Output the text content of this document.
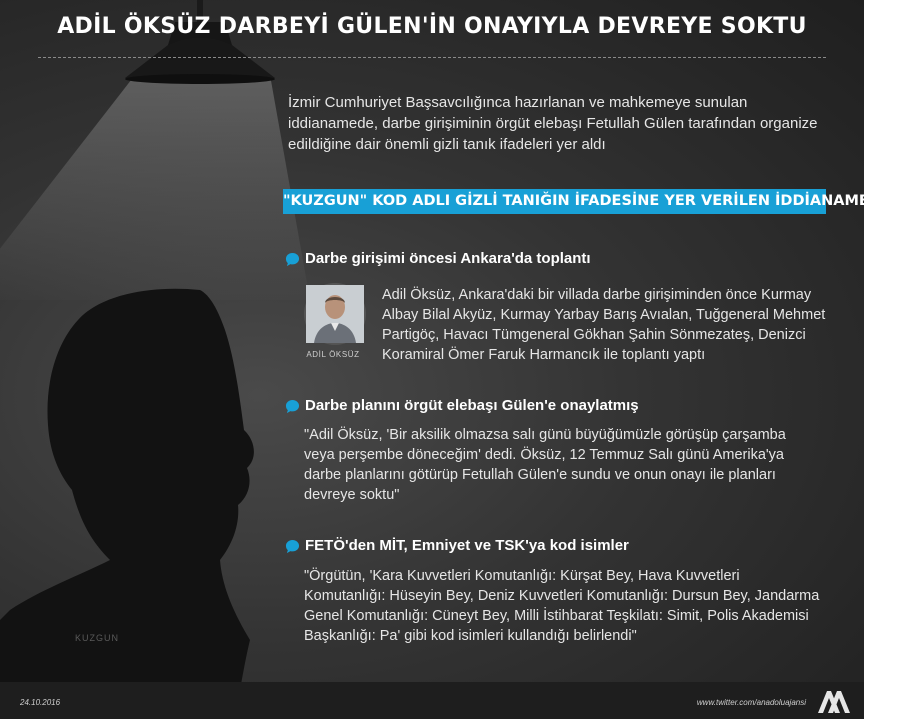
ADİL ÖKSÜZ DARBEYİ GÜLEN'İN ONAYIYLA DEVREYE SOKTU
İzmir Cumhuriyet Başsavcılığınca hazırlanan ve mahkemeye sunulan iddianamede, darbe girişiminin örgüt elebaşı Fetullah Gülen tarafından organize edildiğine dair önemli gizli tanık ifadeleri yer aldı
"KUZGUN" KOD ADLI GİZLİ TANIĞIN İFADESİNE YER VERİLEN İDDİANAMEDEN:
Darbe girişimi öncesi Ankara'da toplantı
ADİL ÖKSÜZ
Adil Öksüz, Ankara'daki bir villada darbe girişiminden önce Kurmay Albay Bilal Akyüz, Kurmay Yarbay Barış Avıalan, Tuğgeneral Mehmet Partigöç, Havacı Tümgeneral Gökhan Şahin Sönmezateş, Denizci Koramiral Ömer Faruk Harmancık ile toplantı yaptı
Darbe planını örgüt elebaşı Gülen'e onaylatmış
"Adil Öksüz, 'Bir aksilik olmazsa salı günü büyüğümüzle görüşüp çarşamba veya perşembe döneceğim' dedi. Öksüz, 12 Temmuz Salı günü Amerika'ya darbe planlarını götürüp Fetullah Gülen'e sundu ve onun onayı ile planları devreye soktu"
FETÖ'den MİT, Emniyet ve TSK'ya kod isimler
"Örgütün, 'Kara Kuvvetleri Komutanlığı: Kürşat Bey, Hava Kuvvetleri Komutanlığı: Hüseyin Bey, Deniz Kuvvetleri Komutanlığı: Dursun Bey, Jandarma Genel Komutanlığı: Cüneyt Bey, Milli İstihbarat Teşkilatı: Simit, Polis Akademisi Başkanlığı: Pa' gibi kod isimleri kullandığı belirlendi"
KUZGUN
24.10.2016	www.twitter.com/anadoluajansi
